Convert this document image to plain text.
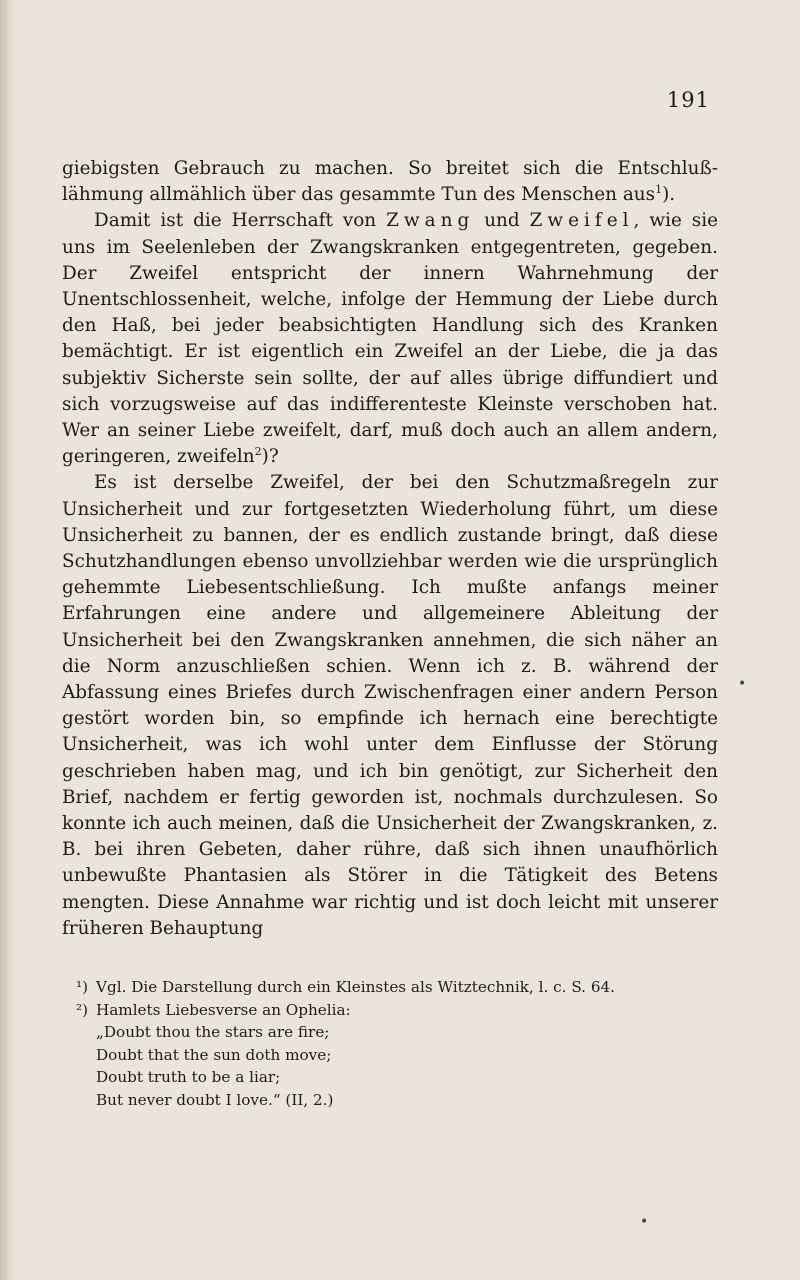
191

giebigsten Gebrauch zu machen. So breitet sich die Entschlußlähmung allmählich über das gesammte Tun des Menschen aus$^1$).

Damit ist die Herrschaft von Zwang und Zweifel, wie sie uns im Seelenleben der Zwangskranken entgegentreten, gegeben. Der Zweifel entspricht der innern Wahrnehmung der Unentschlossenheit, welche, infolge der Hemmung der Liebe durch den Haß, bei jeder beabsichtigten Handlung sich des Kranken bemächtigt. Er ist eigentlich ein Zweifel an der Liebe, die ja das subjektiv Sicherste sein sollte, der auf alles übrige diffundiert und sich vorzugsweise auf das indifferenteste Kleinste verschoben hat. Wer an seiner Liebe zweifelt, darf, muß doch auch an allem andern, geringeren, zweifeln$^2$)?

Es ist derselbe Zweifel, der bei den Schutzmaßregeln zur Unsicherheit und zur fortgesetzten Wiederholung führt, um diese Unsicherheit zu bannen, der es endlich zustande bringt, daß diese Schutzhandlungen ebenso unvollziehbar werden wie die ursprünglich gehemmte Liebesentschließung. Ich mußte anfangs meiner Erfahrungen eine andere und allgemeinere Ableitung der Unsicherheit bei den Zwangskranken annehmen, die sich näher an die Norm anzuschließen schien. Wenn ich z. B. während der Abfassung eines Briefes durch Zwischenfragen einer andern Person gestört worden bin, so empfinde ich hernach eine berechtigte Unsicherheit, was ich wohl unter dem Einflusse der Störung geschrieben haben mag, und ich bin genötigt, zur Sicherheit den Brief, nachdem er fertig geworden ist, nochmals durchzulesen. So konnte ich auch meinen, daß die Unsicherheit der Zwangskranken, z. B. bei ihren Gebeten, daher rühre, daß sich ihnen unaufhörlich unbewußte Phantasien als Störer in die Tätigkeit des Betens mengten. Diese Annahme war richtig und ist doch leicht mit unserer früheren Behauptung

¹) Vgl. Die Darstellung durch ein Kleinstes als Witztechnik, l. c. S. 64.

²) Hamlets Liebesverse an Ophelia:

„Doubt thou the stars are fire;
Doubt that the sun doth move;
Doubt truth to be a liar;
But never doubt I love.“ (II, 2.)
•
•
